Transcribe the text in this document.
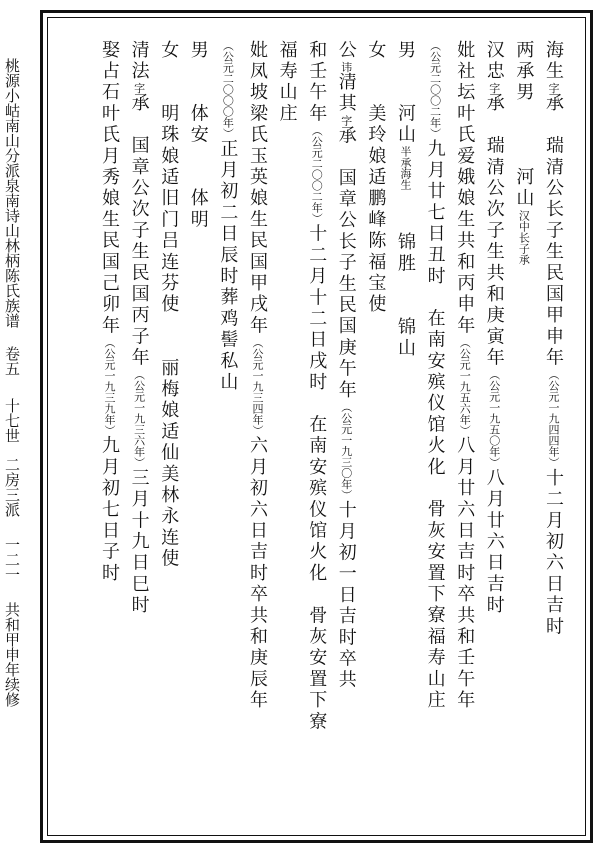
桃源小岵南山分派泉南诗山林柄陈氏族谱卷五十七世二房三派一二一共和甲申年续修
海生字承　瑞清公长子生民国甲申年（公元一九四四年）十二月初六日吉时
两承男　　　河山汉中长子承
汉忠字承　瑞清公次子生共和庚寅年（公元一九五〇年）八月廿六日吉时
妣社坛叶氏爱娥娘生共和丙申年（公元一九五六年）八月廿六日吉时卒共和壬午年
（公元二〇〇二年）九月廿七日丑时　在南安殡仪馆火化　骨灰安置下寮福寿山庄
男　　河山半承海生　　锦胜　　锦山
女　　美玲娘适鹏峰陈福宝使
公讳清其字承　国章公长子生民国庚午年（公元一九三〇年）十月初一日吉时卒共
和壬午年（公元二〇〇二年）十二月十二日戌时　在南安殡仪馆火化　骨灰安置下寮
福寿山庄
妣凤坡梁氏玉英娘生民国甲戌年（公元一九三四年）六月初六日吉时卒共和庚辰年
（公元二〇〇〇年）正月初二日辰时葬鸡髻私山
男　　体安　　体明
女　　明珠娘适旧门吕连芬使　　丽梅娘适仙美林永连使
清法字承　国章公次子生民国丙子年（公元一九三六年）三月十九日巳时
娶占石叶氏月秀娘生民国己卯年（公元一九三九年）九月初七日子时
